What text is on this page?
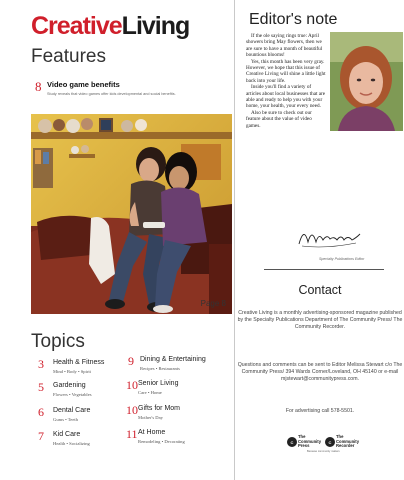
CreativeLiving
Features
8 Video game benefits
Study reveals that video games offer kids developmental and social benefits.
Page 8
Topics
3 Health & Fitness
Mind • Body • Spirit
5 Gardening
Flowers • Vegetables
6 Dental Care
Gums • Teeth
7 Kid Care
Health • Socializing
9 Dining & Entertaining
Recipes • Restaurants
10 Senior Living
Care • Home
10 Gifts for Mom
Mother's Day
11 At Home
Remodeling • Decorating
Editor's note

If the ole saying rings true: April showers bring May flowers, then we are sure to have a month of beautiful bountious blooms!

Yes, this month has been very gray. However, we hope that this issue of Creative Living will shine a little light back into your life.

Inside you'll find a variety of articles about local businesses that are able and ready to help you with your home, your health, your every need.

Also be sure to check out our feature about the value of video games.

Specialty Publications Editor
Contact
Creative Living is a monthly advertising-sponsored magazine published by the Specialty Publications Department of The Community Press/ The Community Recorder.
Questions and comments can be sent to Editor Melissa Stewart c/o The Community Press/ 394 Wards Corner/Loveland, OH 45140 or e-mail mjstewart@communitypress.com.
For advertising call 578-5501.
C
The
Community
Press
C
The
Community
Recorder
Because community matters
